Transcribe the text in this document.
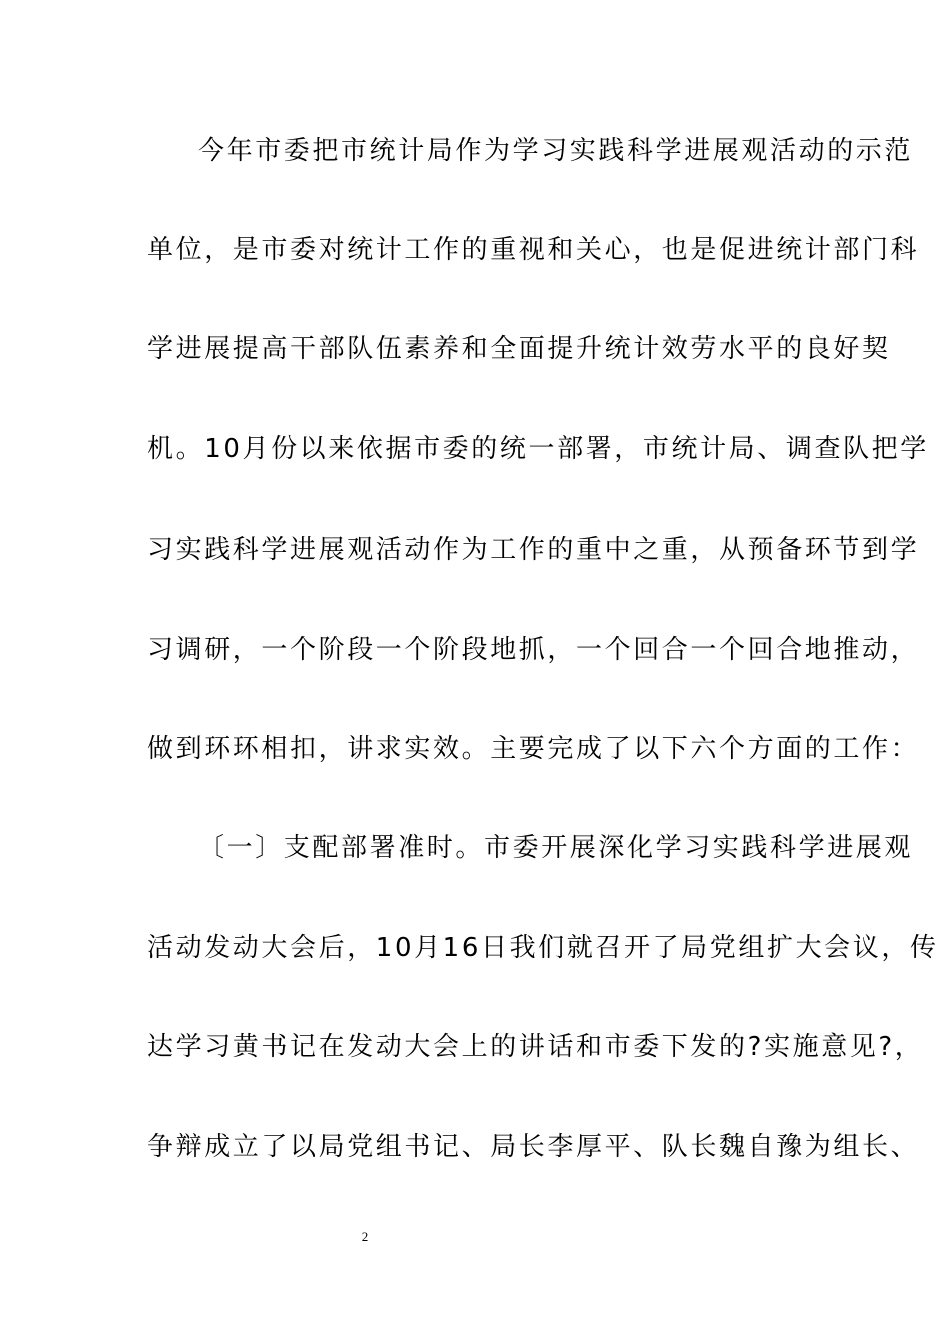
今年市委把市统计局作为学习实践科学进展观活动的示范
单位，是市委对统计工作的重视和关心，也是促进统计部门科
学进展提高干部队伍素养和全面提升统计效劳水平的良好契
机。10月份以来依据市委的统一部署，市统计局、调查队把学
习实践科学进展观活动作为工作的重中之重，从预备环节到学
习调研，一个阶段一个阶段地抓，一个回合一个回合地推动，
做到环环相扣，讲求实效。主要完成了以下六个方面的工作：
〔一〕支配部署准时。市委开展深化学习实践科学进展观
活动发动大会后，10月16日我们就召开了局党组扩大会议，传
达学习黄书记在发动大会上的讲话和市委下发的?实施意见?，
争辩成立了以局党组书记、局长李厚平、队长魏自豫为组长、
2
